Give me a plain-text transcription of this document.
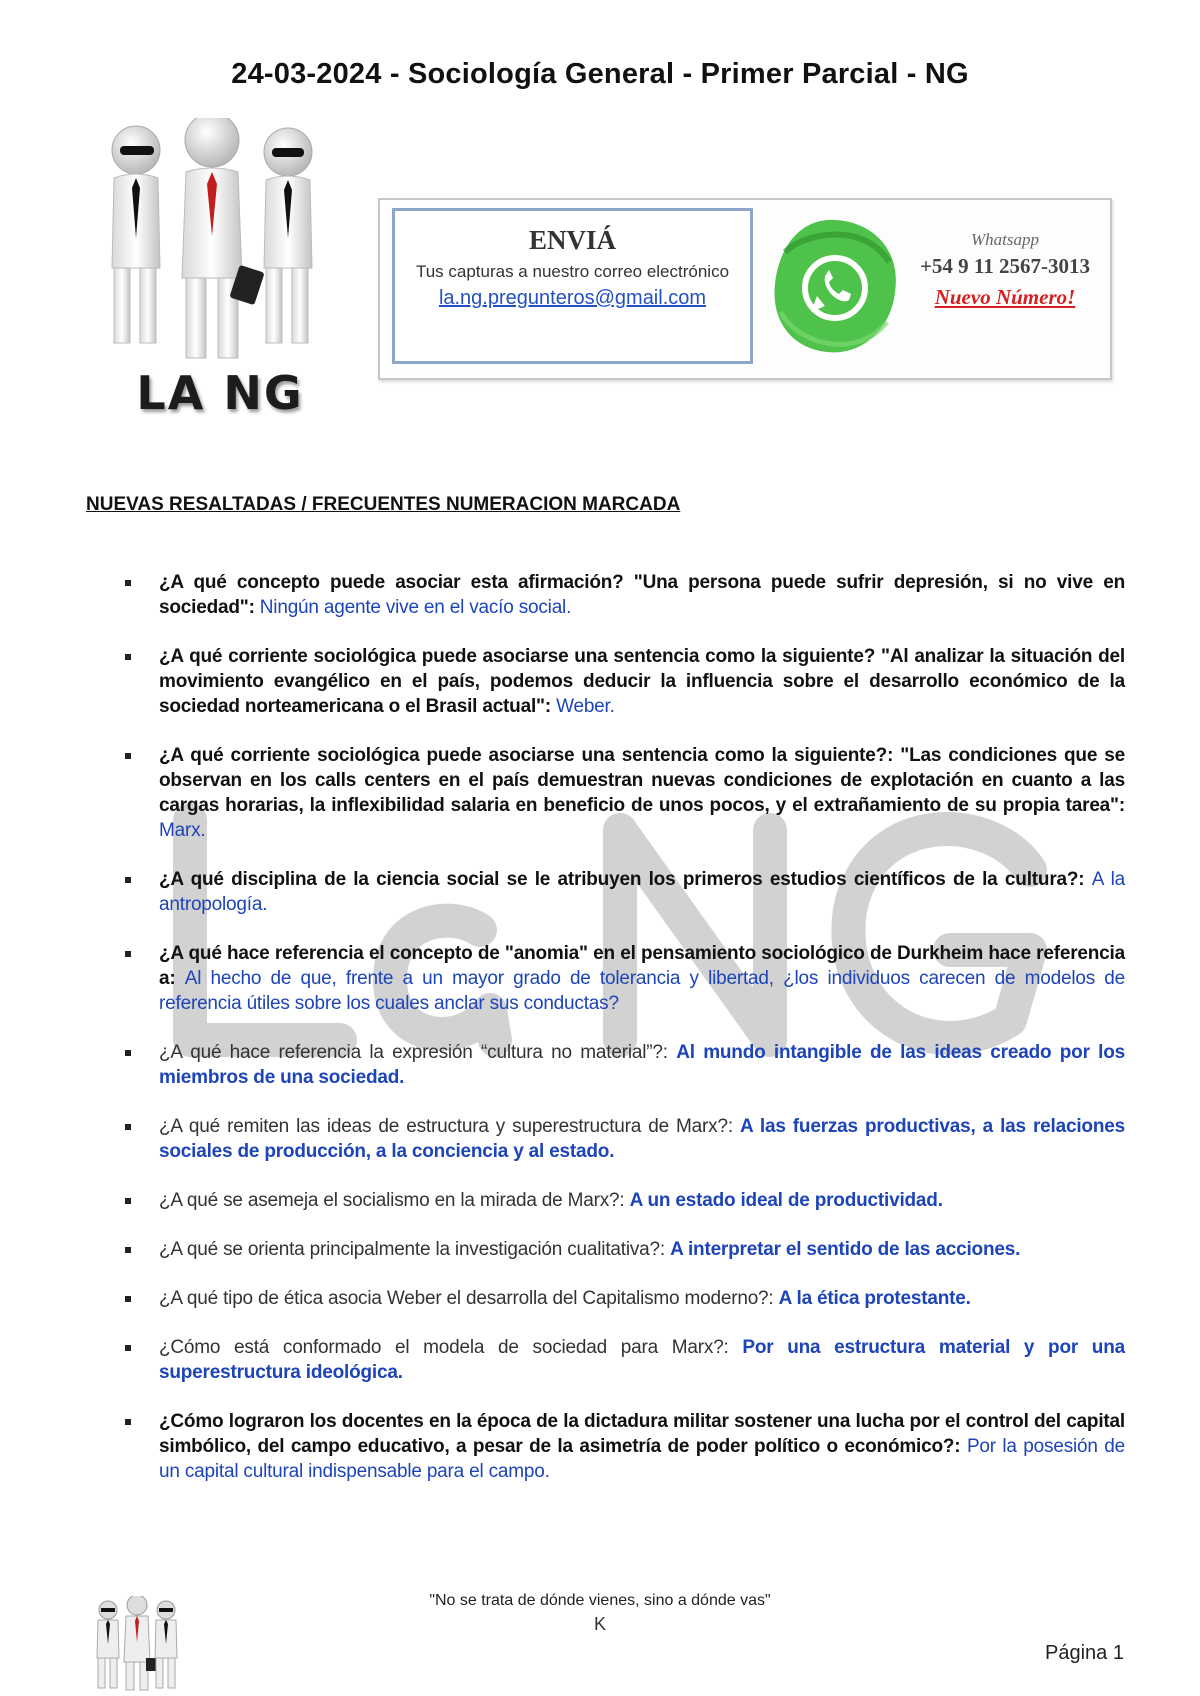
24-03-2024 - Sociología General - Primer Parcial - NG
LA NG
ENVIÁ
Tus capturas a nuestro correo electrónico
la.ng.pregunteros@gmail.com
Whatsapp
+54 9 11 2567-3013
Nuevo Número!
NUEVAS RESALTADAS / FRECUENTES NUMERACION MARCADA
¿A qué concepto puede asociar esta afirmación? "Una persona puede sufrir depresión, si no vive en sociedad": Ningún agente vive en el vacío social.
¿A qué corriente sociológica puede asociarse una sentencia como la siguiente? "Al analizar la situación del movimiento evangélico en el país, podemos deducir la influencia sobre el desarrollo económico de la sociedad norteamericana o el Brasil actual": Weber.
¿A qué corriente sociológica puede asociarse una sentencia como la siguiente?: "Las condiciones que se observan en los calls centers en el país demuestran nuevas condiciones de explotación en cuanto a las cargas horarias, la inflexibilidad salaria en beneficio de unos pocos, y el extrañamiento de su propia tarea": Marx.
¿A qué disciplina de la ciencia social se le atribuyen los primeros estudios científicos de la cultura?: A la antropología.
¿A qué hace referencia el concepto de "anomia" en el pensamiento sociológico de Durkheim hace referencia a: Al hecho de que, frente a un mayor grado de tolerancia y libertad, ¿los individuos carecen de modelos de referencia útiles sobre los cuales anclar sus conductas?
¿A qué hace referencia la expresión “cultura no material”?: Al mundo intangible de las ideas creado por los miembros de una sociedad.
¿A qué remiten las ideas de estructura y superestructura de Marx?: A las fuerzas productivas, a las relaciones sociales de producción, a la conciencia y al estado.
¿A qué se asemeja el socialismo en la mirada de Marx?: A un estado ideal de productividad.
¿A qué se orienta principalmente la investigación cualitativa?: A interpretar el sentido de las acciones.
¿A qué tipo de ética asocia Weber el desarrolla del Capitalismo moderno?: A la ética protestante.
¿Cómo está conformado el modela de sociedad para Marx?: Por una estructura material y por una superestructura ideológica.
¿Cómo lograron los docentes en la época de la dictadura militar sostener una lucha por el control del capital simbólico, del campo educativo, a pesar de la asimetría de poder político o económico?: Por la posesión de un capital cultural indispensable para el campo.
"No se trata de dónde vienes, sino a dónde vas"
K
Página 1
